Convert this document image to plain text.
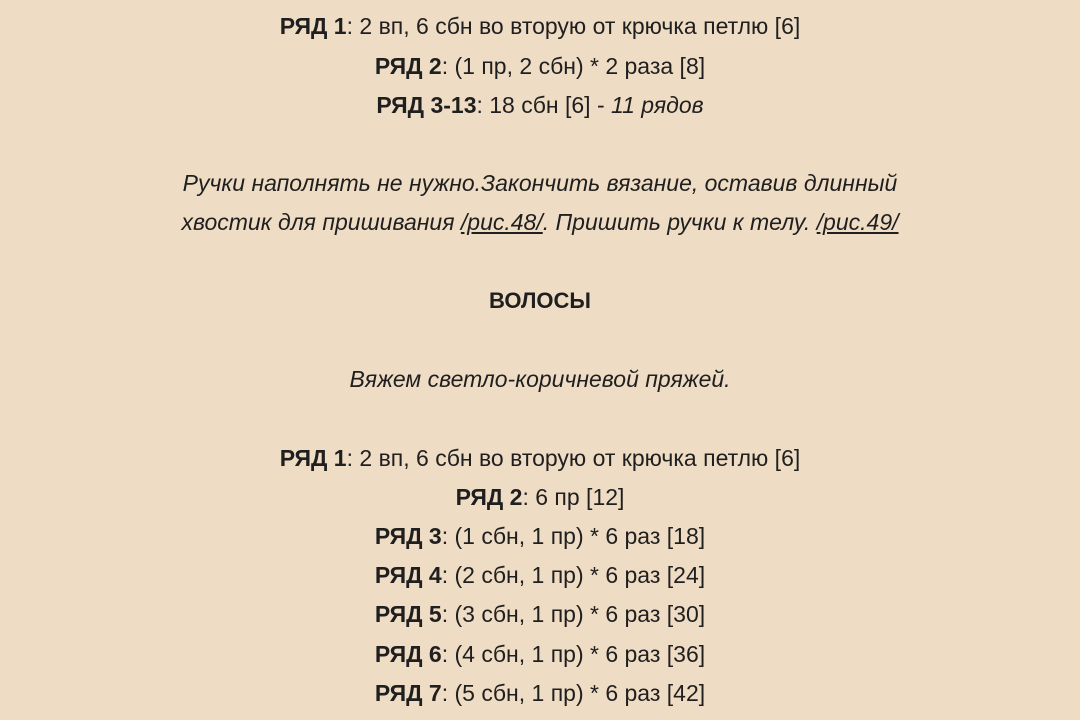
РЯД 1: 2 вп, 6 сбн во вторую от крючка петлю [6]
РЯД 2: (1 пр, 2 сбн) * 2 раза [8]
РЯД 3-13: 18 сбн [6] - 11 рядов
Ручки наполнять не нужно.Закончить вязание, оставив длинный
хвостик для пришивания /рис.48/. Пришить ручки к телу. /рис.49/
ВОЛОСЫ
Вяжем светло-коричневой пряжей.
РЯД 1: 2 вп, 6 сбн во вторую от крючка петлю [6]
РЯД 2: 6 пр [12]
РЯД 3: (1 сбн, 1 пр) * 6 раз [18]
РЯД 4: (2 сбн, 1 пр) * 6 раз [24]
РЯД 5: (3 сбн, 1 пр) * 6 раз [30]
РЯД 6: (4 сбн, 1 пр) * 6 раз [36]
РЯД 7: (5 сбн, 1 пр) * 6 раз [42]
